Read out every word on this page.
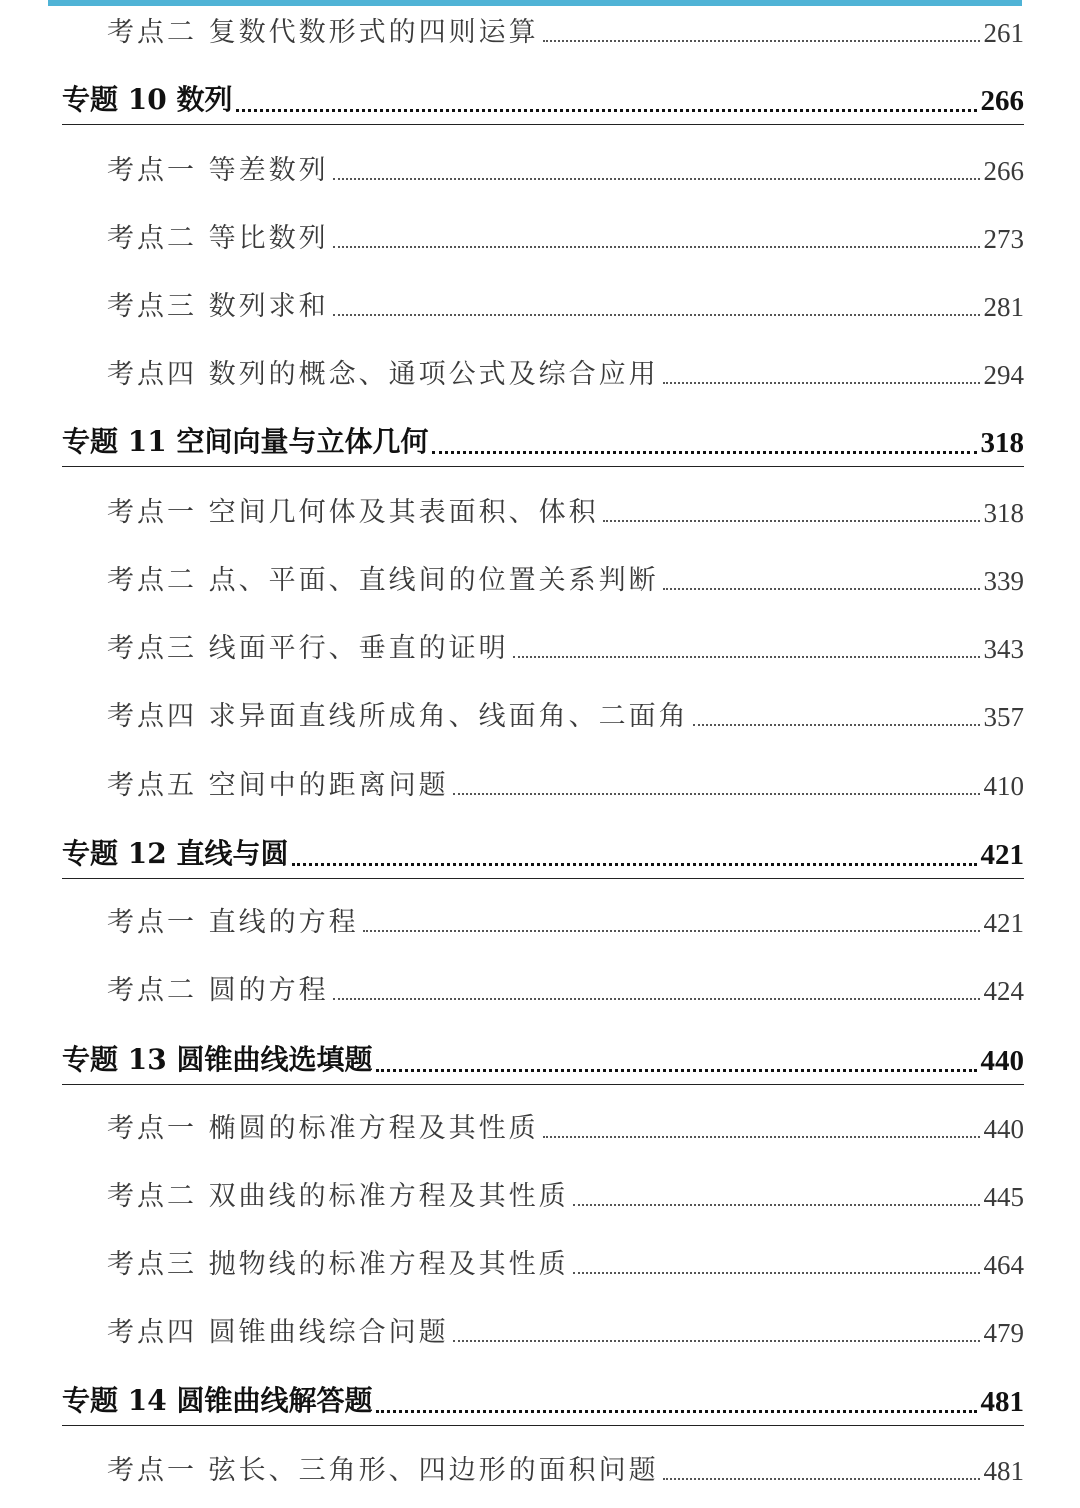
考点二 复数代数形式的四则运算	261
专题 10 数列	266
考点一 等差数列	266
考点二 等比数列	273
考点三 数列求和	281
考点四 数列的概念、通项公式及综合应用	294
专题 11 空间向量与立体几何	318
考点一 空间几何体及其表面积、体积	318
考点二 点、平面、直线间的位置关系判断	339
考点三 线面平行、垂直的证明	343
考点四 求异面直线所成角、线面角、二面角	357
考点五 空间中的距离问题	410
专题 12 直线与圆	421
考点一 直线的方程	421
考点二 圆的方程	424
专题 13 圆锥曲线选填题	440
考点一 椭圆的标准方程及其性质	440
考点二 双曲线的标准方程及其性质	445
考点三 抛物线的标准方程及其性质	464
考点四 圆锥曲线综合问题	479
专题 14 圆锥曲线解答题	481
考点一 弦长、三角形、四边形的面积问题	481
